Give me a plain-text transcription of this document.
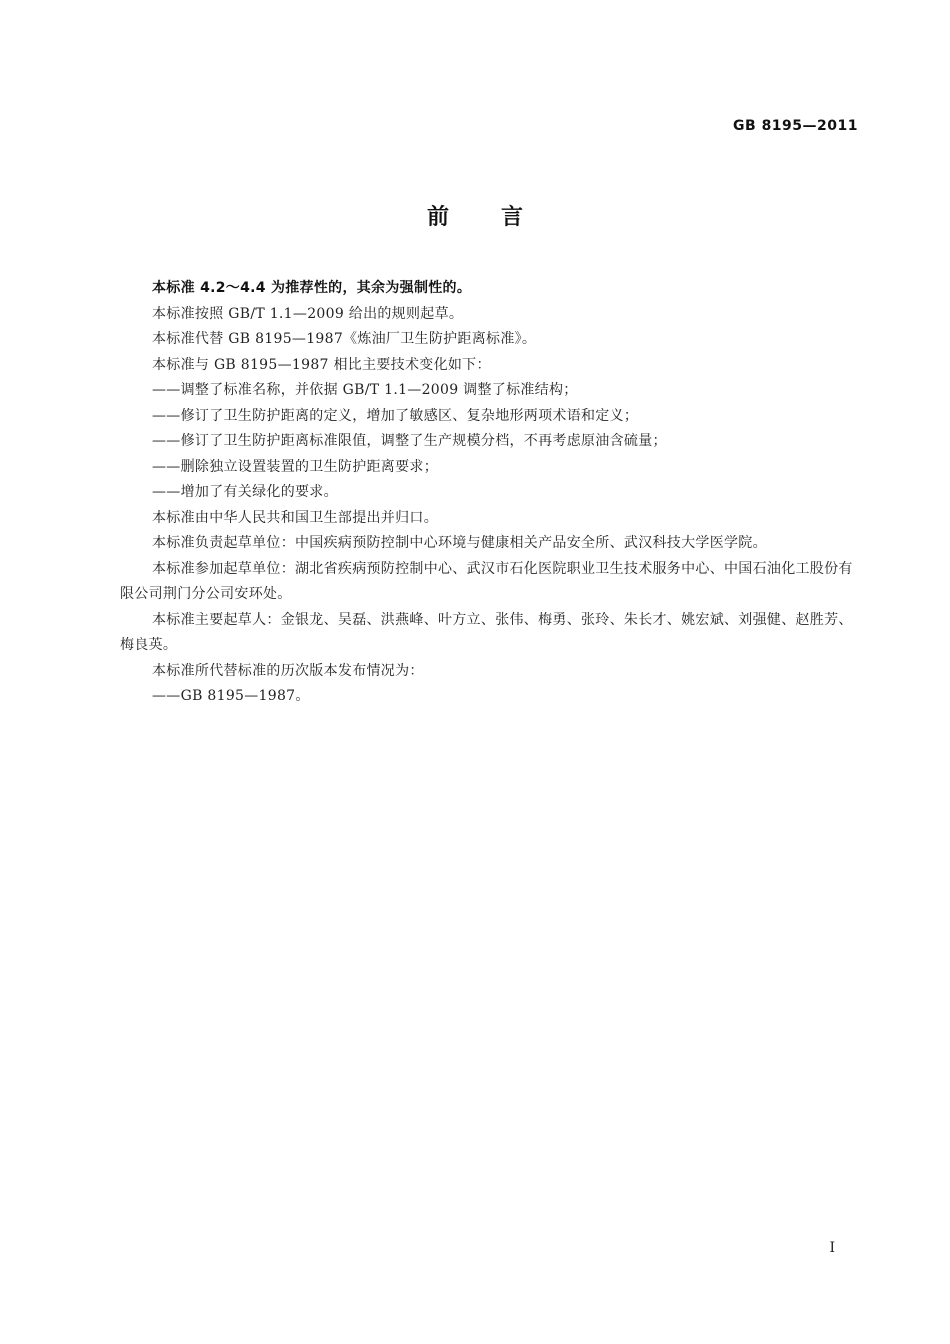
GB 8195—2011
前言

本标准 4.2～4.4 为推荐性的，其余为强制性的。

本标准按照 GB/T 1.1—2009 给出的规则起草。

本标准代替 GB 8195—1987《炼油厂卫生防护距离标准》。

本标准与 GB 8195—1987 相比主要技术变化如下：

——调整了标准名称，并依据 GB/T 1.1—2009 调整了标准结构；

——修订了卫生防护距离的定义，增加了敏感区、复杂地形两项术语和定义；

——修订了卫生防护距离标准限值，调整了生产规模分档，不再考虑原油含硫量；

——删除独立设置装置的卫生防护距离要求；

——增加了有关绿化的要求。

本标准由中华人民共和国卫生部提出并归口。

本标准负责起草单位：中国疾病预防控制中心环境与健康相关产品安全所、武汉科技大学医学院。

本标准参加起草单位：湖北省疾病预防控制中心、武汉市石化医院职业卫生技术服务中心、中国石油化工股份有限公司荆门分公司安环处。

本标准主要起草人：金银龙、吴磊、洪燕峰、叶方立、张伟、梅勇、张玲、朱长才、姚宏斌、刘强健、赵胜芳、梅良英。

本标准所代替标准的历次版本发布情况为：

——GB 8195—1987。

I
